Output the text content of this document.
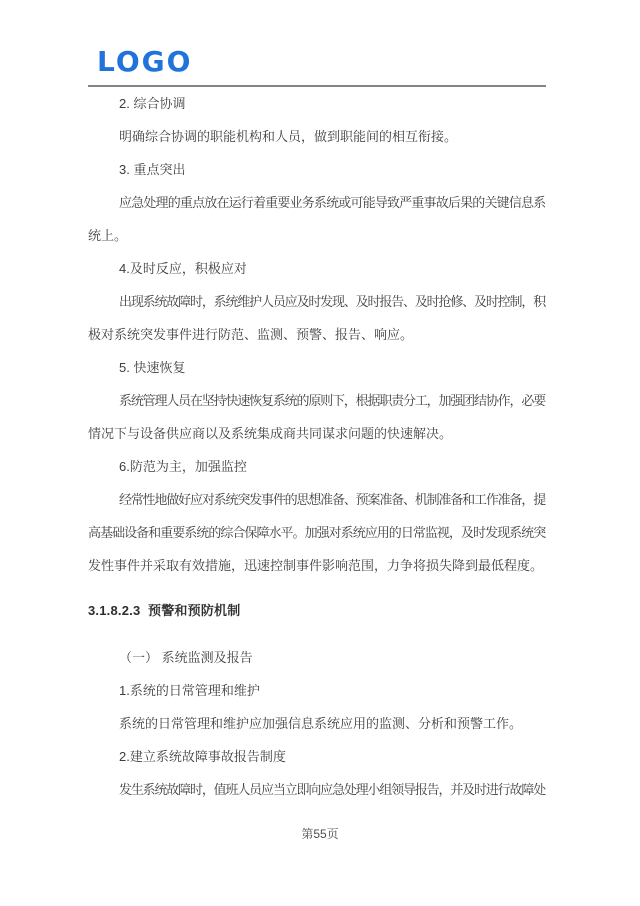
LOGO
2. 综合协调
明确综合协调的职能机构和人员，做到职能间的相互衔接。
3. 重点突出
应急处理的重点放在运行着重要业务系统或可能导致严重事故后果的关键信息系
统上。
4.及时反应，积极应对
出现系统故障时，系统维护人员应及时发现、及时报告、及时抢修、及时控制，积
极对系统突发事件进行防范、监测、预警、报告、响应。
5. 快速恢复
系统管理人员在坚持快速恢复系统的原则下，根据职责分工，加强团结协作，必要
情况下与设备供应商以及系统集成商共同谋求问题的快速解决。
6.防范为主，加强监控
经常性地做好应对系统突发事件的思想准备、预案准备、机制准备和工作准备，提
高基础设备和重要系统的综合保障水平。加强对系统应用的日常监视，及时发现系统突
发性事件并采取有效措施，迅速控制事件影响范围，力争将损失降到最低程度。
3.1.8.2.3  预警和预防机制
（一） 系统监测及报告
1.系统的日常管理和维护
系统的日常管理和维护应加强信息系统应用的监测、分析和预警工作。
2.建立系统故障事故报告制度
发生系统故障时，值班人员应当立即向应急处理小组领导报告，并及时进行故障处
第55页
